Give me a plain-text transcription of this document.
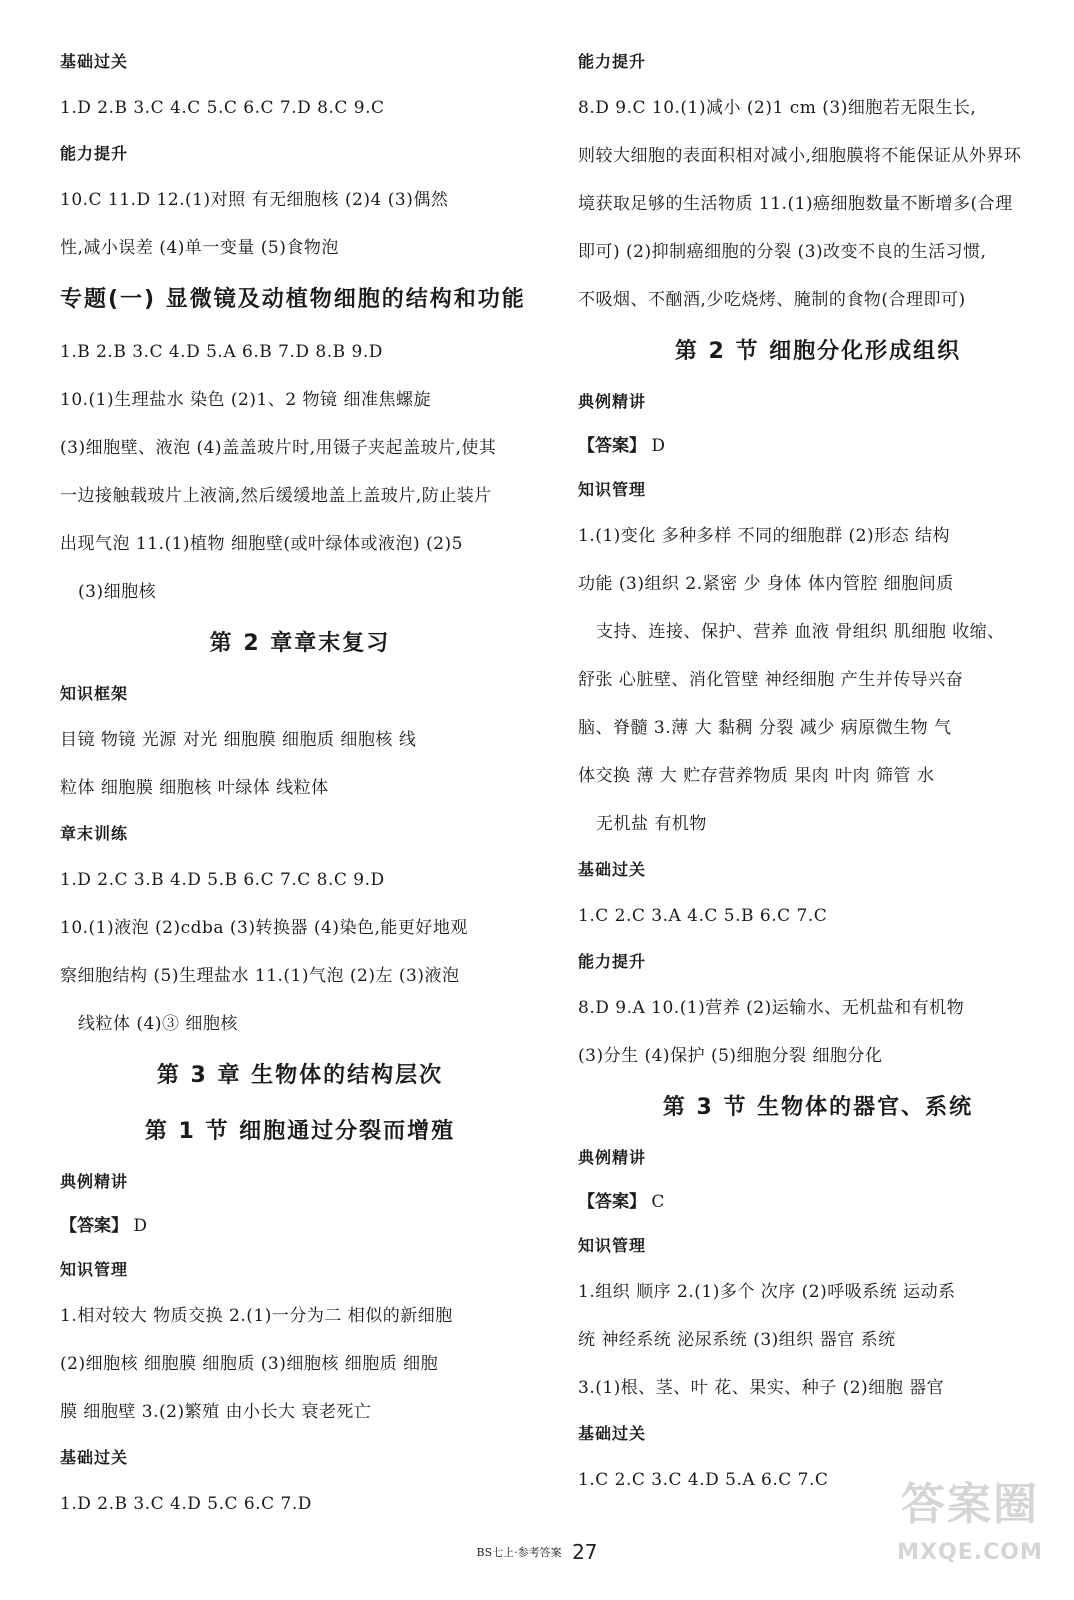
基础过关
1.D 2.B 3.C 4.C 5.C 6.C 7.D 8.C 9.C
能力提升
10.C 11.D 12.(1)对照 有无细胞核 (2)4 (3)偶然
性,减小误差 (4)单一变量 (5)食物泡
专题(一) 显微镜及动植物细胞的结构和功能
1.B 2.B 3.C 4.D 5.A 6.B 7.D 8.B 9.D
10.(1)生理盐水 染色 (2)1、2 物镜 细准焦螺旋
(3)细胞壁、液泡 (4)盖盖玻片时,用镊子夹起盖玻片,使其
一边接触载玻片上液滴,然后缓缓地盖上盖玻片,防止装片
出现气泡 11.(1)植物 细胞壁(或叶绿体或液泡) (2)5
(3)细胞核
第 2 章章末复习
知识框架
目镜 物镜 光源 对光 细胞膜 细胞质 细胞核 线
粒体 细胞膜 细胞核 叶绿体 线粒体
章末训练
1.D 2.C 3.B 4.D 5.B 6.C 7.C 8.C 9.D
10.(1)液泡 (2)cdba (3)转换器 (4)染色,能更好地观
察细胞结构 (5)生理盐水 11.(1)气泡 (2)左 (3)液泡
线粒体 (4)③ 细胞核
第 3 章 生物体的结构层次
第 1 节 细胞通过分裂而增殖
典例精讲
【答案】 D
知识管理
1.相对较大 物质交换 2.(1)一分为二 相似的新细胞
(2)细胞核 细胞膜 细胞质 (3)细胞核 细胞质 细胞
膜 细胞壁 3.(2)繁殖 由小长大 衰老死亡
基础过关
1.D 2.B 3.C 4.D 5.C 6.C 7.D
能力提升
8.D 9.C 10.(1)减小 (2)1 cm (3)细胞若无限生长,
则较大细胞的表面积相对减小,细胞膜将不能保证从外界环
境获取足够的生活物质 11.(1)癌细胞数量不断增多(合理
即可) (2)抑制癌细胞的分裂 (3)改变不良的生活习惯,
不吸烟、不酗酒,少吃烧烤、腌制的食物(合理即可)
第 2 节 细胞分化形成组织
典例精讲
【答案】 D
知识管理
1.(1)变化 多种多样 不同的细胞群 (2)形态 结构
功能 (3)组织 2.紧密 少 身体 体内管腔 细胞间质
支持、连接、保护、营养 血液 骨组织 肌细胞 收缩、
舒张 心脏壁、消化管壁 神经细胞 产生并传导兴奋
脑、脊髓 3.薄 大 黏稠 分裂 减少 病原微生物 气
体交换 薄 大 贮存营养物质 果肉 叶肉 筛管 水
无机盐 有机物
基础过关
1.C 2.C 3.A 4.C 5.B 6.C 7.C
能力提升
8.D 9.A 10.(1)营养 (2)运输水、无机盐和有机物
(3)分生 (4)保护 (5)细胞分裂 细胞分化
第 3 节 生物体的器官、系统
典例精讲
【答案】 C
知识管理
1.组织 顺序 2.(1)多个 次序 (2)呼吸系统 运动系
统 神经系统 泌尿系统 (3)组织 器官 系统
3.(1)根、茎、叶 花、果实、种子 (2)细胞 器官
基础过关
1.C 2.C 3.C 4.D 5.A 6.C 7.C
BS七上·参考答案 27
答案圈
MXQE.COM
